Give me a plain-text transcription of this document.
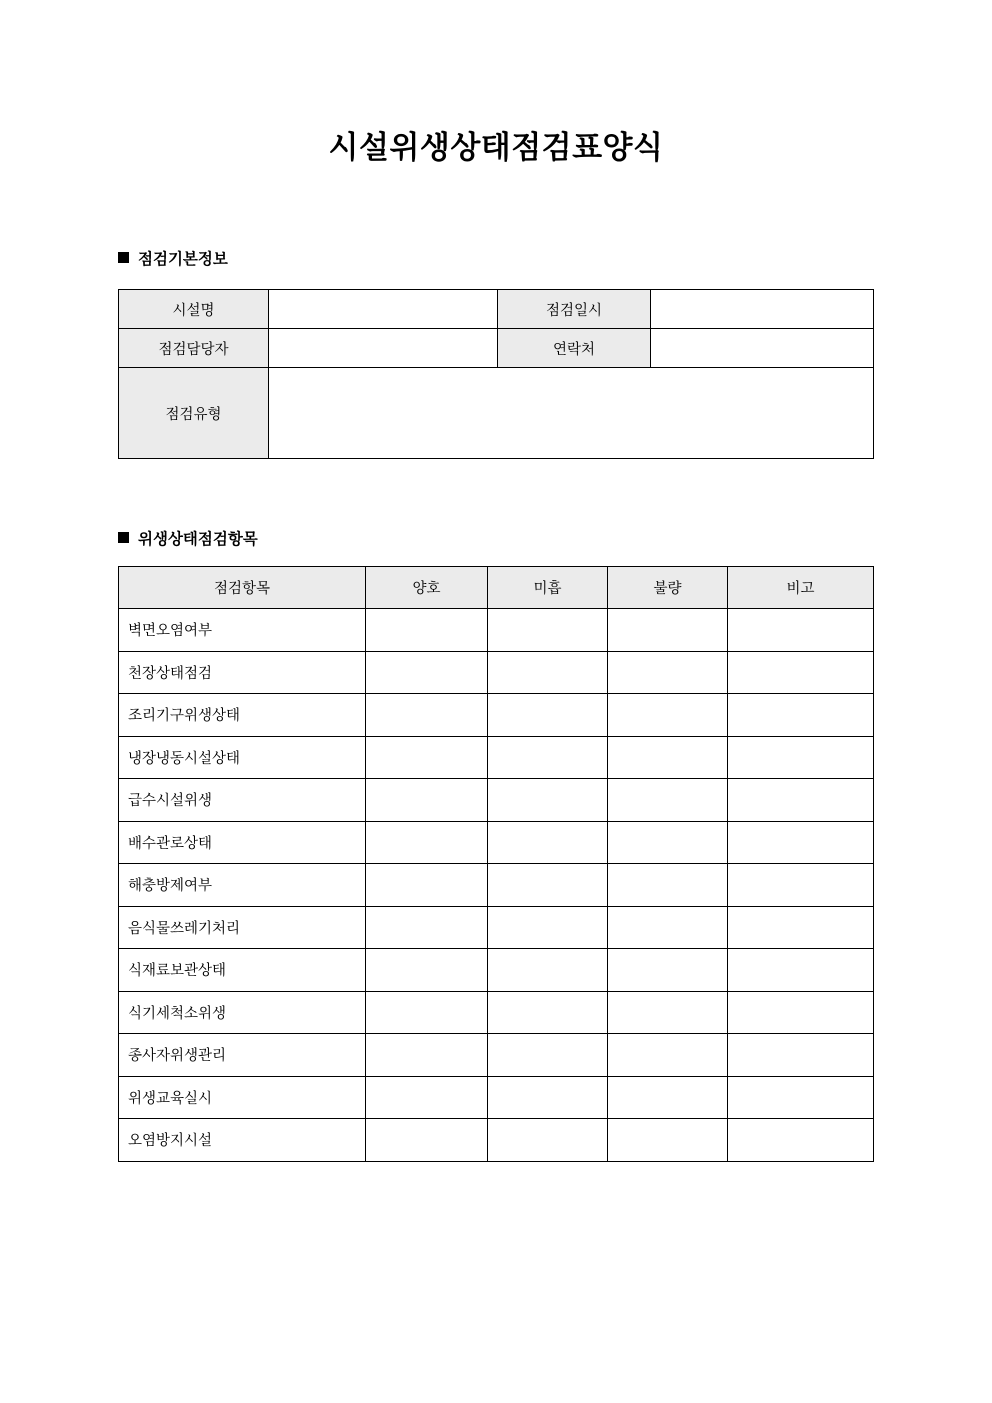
시설위생상태점검표양식
점검기본정보
시설명		점검일시	
점검담당자		연락처	
점검유형			
위생상태점검항목
점검항목	양호	미흡	불량	비고
벽면오염여부				
천장상태점검				
조리기구위생상태				
냉장냉동시설상태				
급수시설위생				
배수관로상태				
해충방제여부				
음식물쓰레기처리				
식재료보관상태				
식기세척소위생				
종사자위생관리				
위생교육실시				
오염방지시설				
